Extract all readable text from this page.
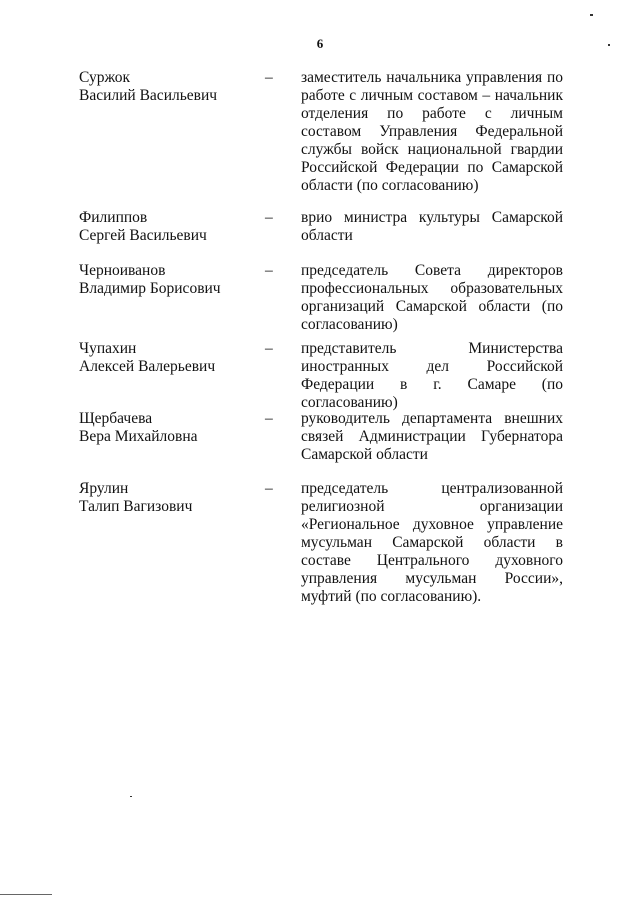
6
Суржок
Василий Васильевич
– заместитель начальника управления по работе с личным составом – начальник отделения по работе с личным составом Управления Федеральной службы войск национальной гвардии Российской Федерации по Самарской области (по согласованию)
Филиппов
Сергей Васильевич
– врио министра культуры Самарской области
Черноиванов
Владимир Борисович
– председатель Совета директоров профессиональных образовательных организаций Самарской области (по согласованию)
Чупахин
Алексей Валерьевич
– представитель Министерства иностранных дел Российской Федерации в г. Самаре (по согласованию)
Щербачева
Вера Михайловна
– руководитель департамента внешних связей Администрации Губернатора Самарской области
Ярулин
Талип Вагизович
– председатель централизованной религиозной организации «Региональное духовное управление мусульман Самарской области в составе Центрального духовного управления мусульман России», муфтий (по согласованию).
